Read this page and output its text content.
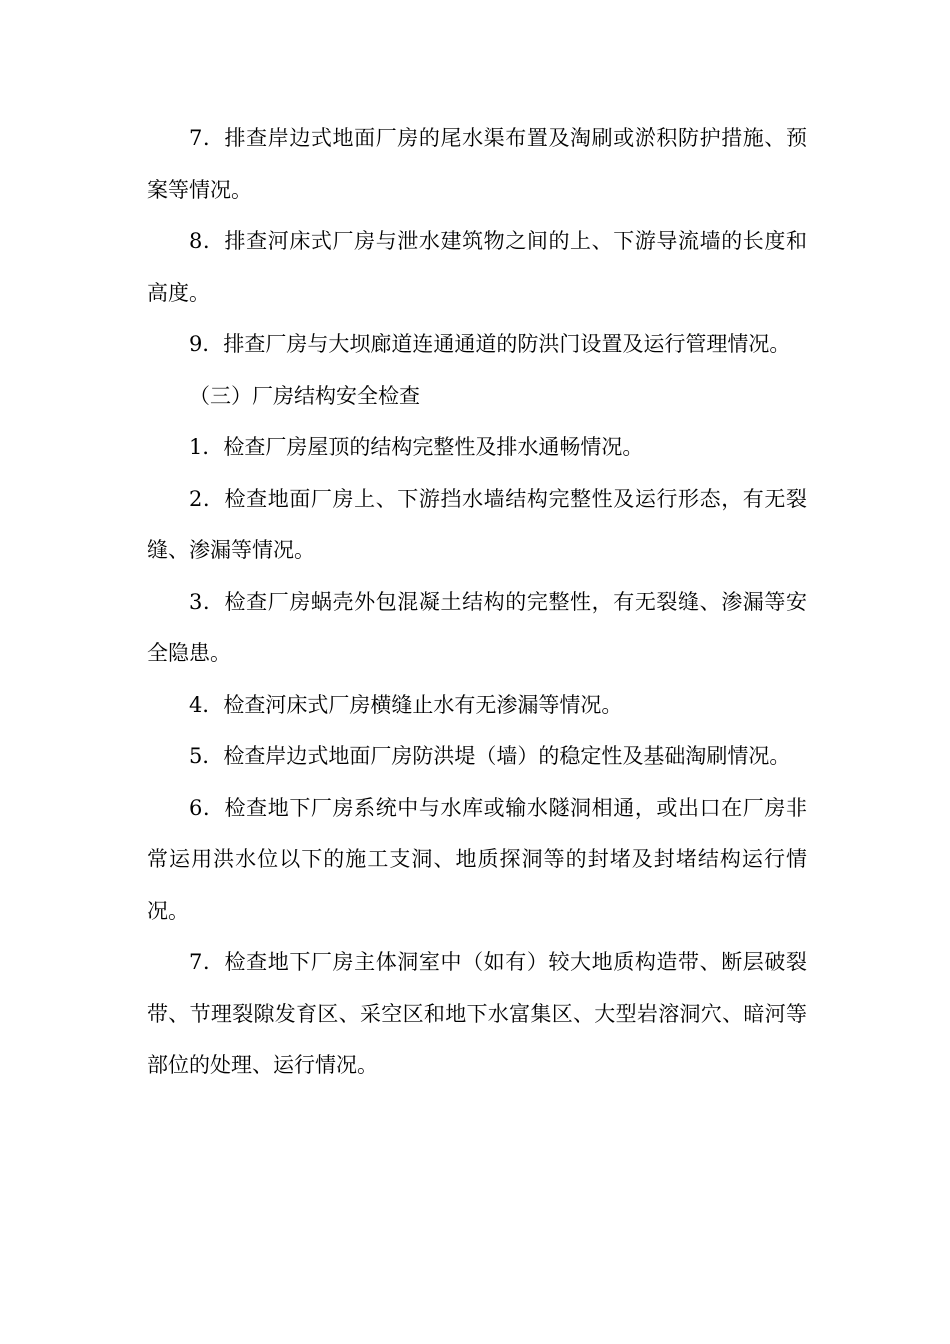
7．排查岸边式地面厂房的尾水渠布置及淘刷或淤积防护措施、预案等情况。

8．排查河床式厂房与泄水建筑物之间的上、下游导流墙的长度和高度。

9．排查厂房与大坝廊道连通通道的防洪门设置及运行管理情况。

（三）厂房结构安全检查

1．检查厂房屋顶的结构完整性及排水通畅情况。

2．检查地面厂房上、下游挡水墙结构完整性及运行形态，有无裂缝、渗漏等情况。

3．检查厂房蜗壳外包混凝土结构的完整性，有无裂缝、渗漏等安全隐患。

4．检查河床式厂房横缝止水有无渗漏等情况。

5．检查岸边式地面厂房防洪堤（墙）的稳定性及基础淘刷情况。

6．检查地下厂房系统中与水库或输水隧洞相通，或出口在厂房非常运用洪水位以下的施工支洞、地质探洞等的封堵及封堵结构运行情况。

7．检查地下厂房主体洞室中（如有）较大地质构造带、断层破裂带、节理裂隙发育区、采空区和地下水富集区、大型岩溶洞穴、暗河等部位的处理、运行情况。
